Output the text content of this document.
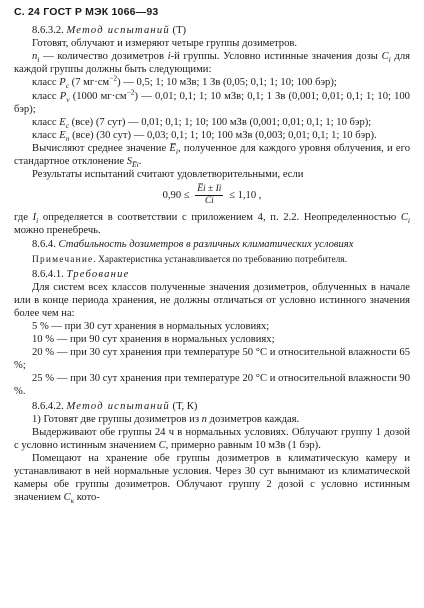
С. 24 ГОСТ Р МЭК 1066—93

8.6.3.2. Метод испытаний (Т)

Готовят, облучают и измеряют четыре группы дозиметров.

$n_i$ — количество дозиметров i-й группы. Условно истинные значения дозы $C_i$ для каждой группы должны быть следующими:

класс $P_c$ (7 $мг\cdot см^{-2}$) — 0,5; 1; 10 мЗв; 1 Зв (0,05; 0,1; 1; 10; 100 бэр);

класс $P_v$ (1000 $мг\cdot см^{-2}$) — 0,01; 0,1; 1; 10 мЗв; 0,1; 1 Зв (0,001; 0,01; 0,1; 1; 10; 100 бэр);

класс $E_c$ (все) (7 сут) — 0,01; 0,1; 1; 10; 100 мЗв (0,001; 0,01; 0,1; 1; 10 бэр);

класс $E_n$ (все) (30 сут) — 0,03; 0,1; 1; 10; 100 мЗв (0,003; 0,01; 0,1; 1; 10 бэр).

Вычисляют среднее значение $E̅_i$, полученное для каждого уровня облучения, и его стандартное отклонение $S_{E̅i}$.

Результаты испытаний считают удовлетворительными, если

$0,90 \le \frac{E̅i \pm Ii}{Ci} \le 1,10$ ,

где $I_i$ определяется в соответствии с приложением 4, п. 2.2. Неопределенностью $C_i$ можно пренебречь.

8.6.4. Стабильность дозиметров в различных климатических условиях

Примечание. Характеристика устанавливается по требованию потребителя.

8.6.4.1. Требование

Для систем всех классов полученные значения дозиметров, облученных в начале или в конце периода хранения, не должны отличаться от условно истинного значения более чем на:

5 % — при 30 сут хранения в нормальных условиях;

10 % — при 90 сут хранения в нормальных условиях;

20 % — при 30 сут хранения при температуре 50 °С и относительной влажности 65 %;

25 % — при 30 сут хранения при температуре 20 °С и относительной влажности 90 %.

8.6.4.2. Метод испытаний (Т, К)

1) Готовят две группы дозиметров из n дозиметров каждая.

Выдерживают обе группы 24 ч в нормальных условиях. Облучают группу 1 дозой с условно истинным значением C, примерно равным 10 мЗв (1 бэр).

Помещают на хранение обе группы дозиметров в климатическую камеру и устанавливают в ней нормальные условия. Через 30 сут вынимают из климатической камеры обе группы дозиметров. Облучают группу 2 дозой с условно истинным значением $C_к$ кото-
